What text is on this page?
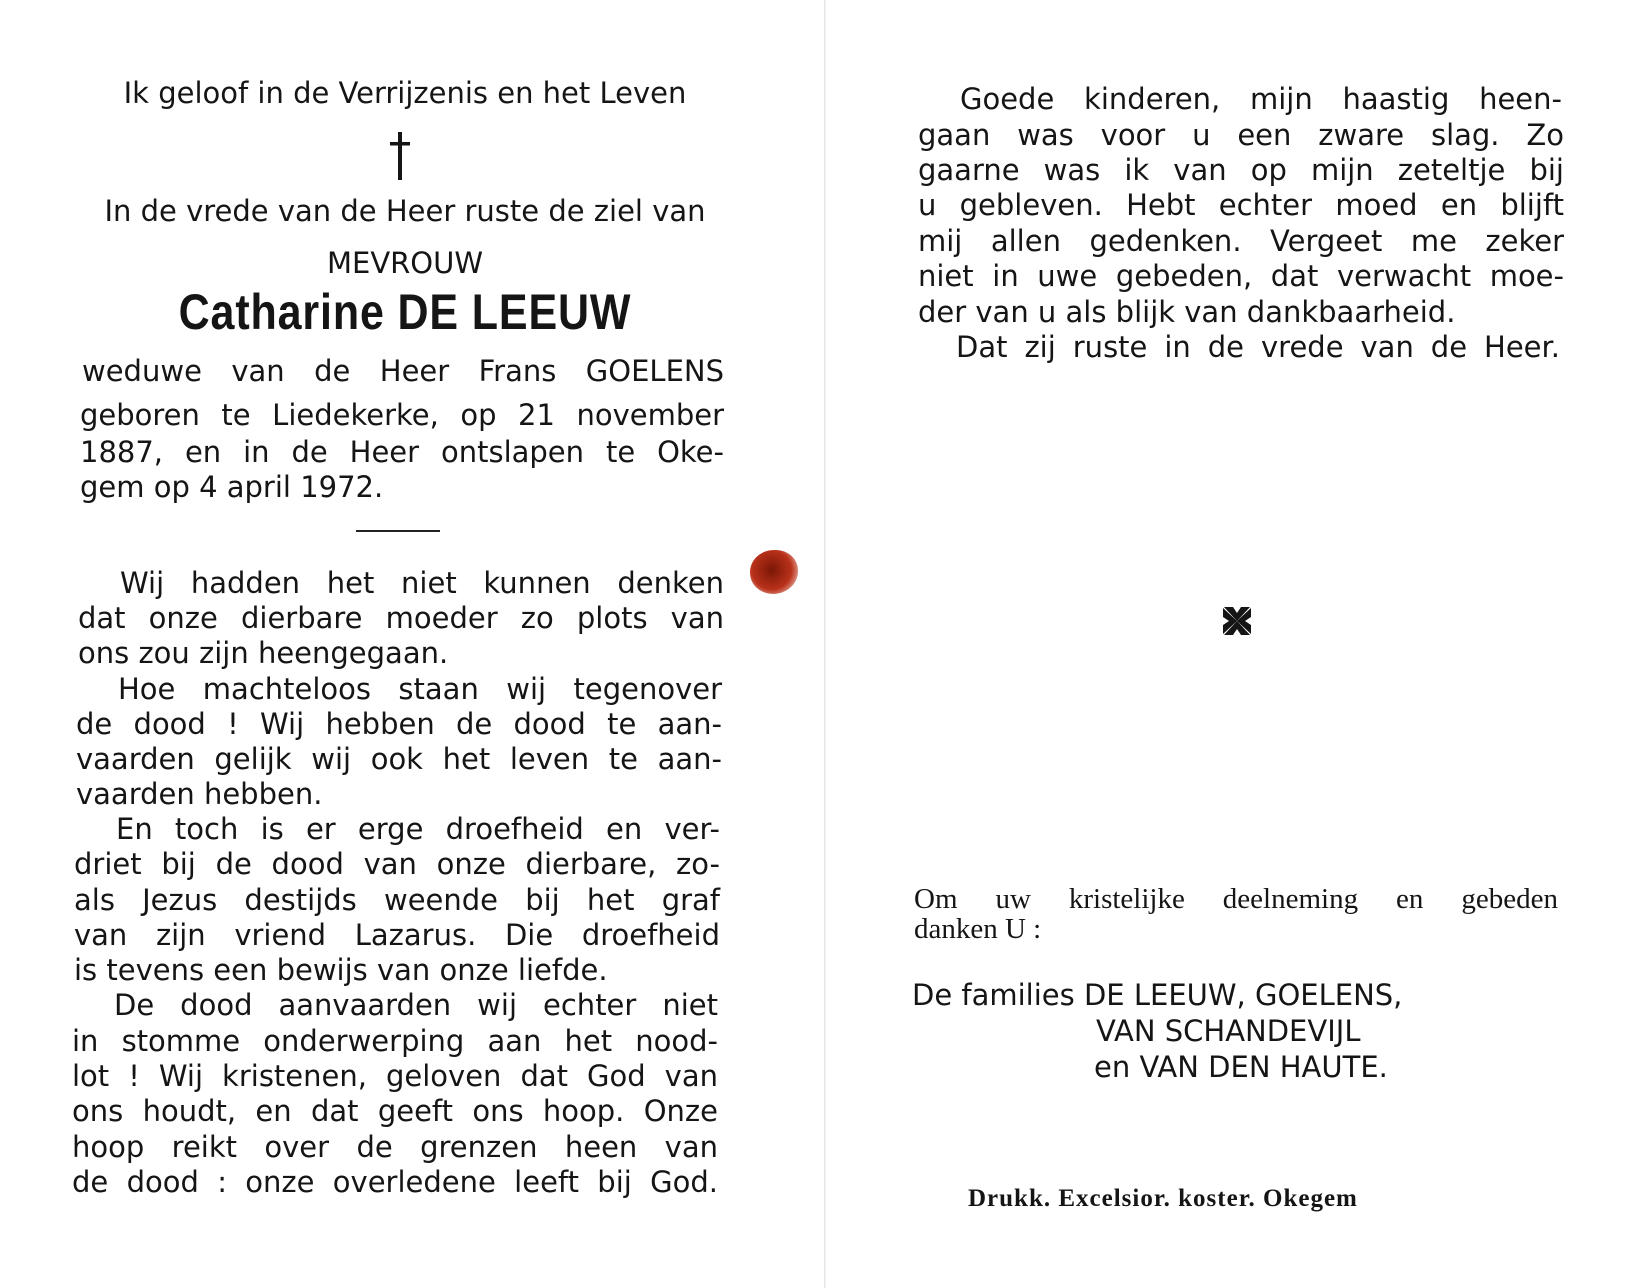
Ik geloof in de Verrijzenis en het Leven
In de vrede van de Heer ruste de ziel van
MEVROUW
Catharine DE LEEUW
weduwe van de Heer Frans GOELENS
geboren te Liedekerke, op 21 november
1887, en in de Heer ontslapen te Oke-
gem op 4 april 1972.
Wij hadden het niet kunnen denken
dat onze dierbare moeder zo plots van
ons zou zijn heengegaan.
Hoe machteloos staan wij tegenover
de dood ! Wij hebben de dood te aan-
vaarden gelijk wij ook het leven te aan-
vaarden hebben.
En toch is er erge droefheid en ver-
driet bij de dood van onze dierbare, zo-
als Jezus destijds weende bij het graf
van zijn vriend Lazarus. Die droefheid
is tevens een bewijs van onze liefde.
De dood aanvaarden wij echter niet
in stomme onderwerping aan het nood-
lot ! Wij kristenen, geloven dat God van
ons houdt, en dat geeft ons hoop. Onze
hoop reikt over de grenzen heen van
de dood : onze overledene leeft bij God.
Goede kinderen, mijn haastig heen-
gaan was voor u een zware slag. Zo
gaarne was ik van op mijn zeteltje bij
u gebleven. Hebt echter moed en blijft
mij allen gedenken. Vergeet me zeker
niet in uwe gebeden, dat verwacht moe-
der van u als blijk van dankbaarheid.
Dat zij ruste in de vrede van de Heer.
Om uw kristelijke deelneming en gebeden
danken U :
De families DE LEEUW, GOELENS,
VAN SCHANDEVIJL
en VAN DEN HAUTE.
Drukk. Excelsior. koster. Okegem
